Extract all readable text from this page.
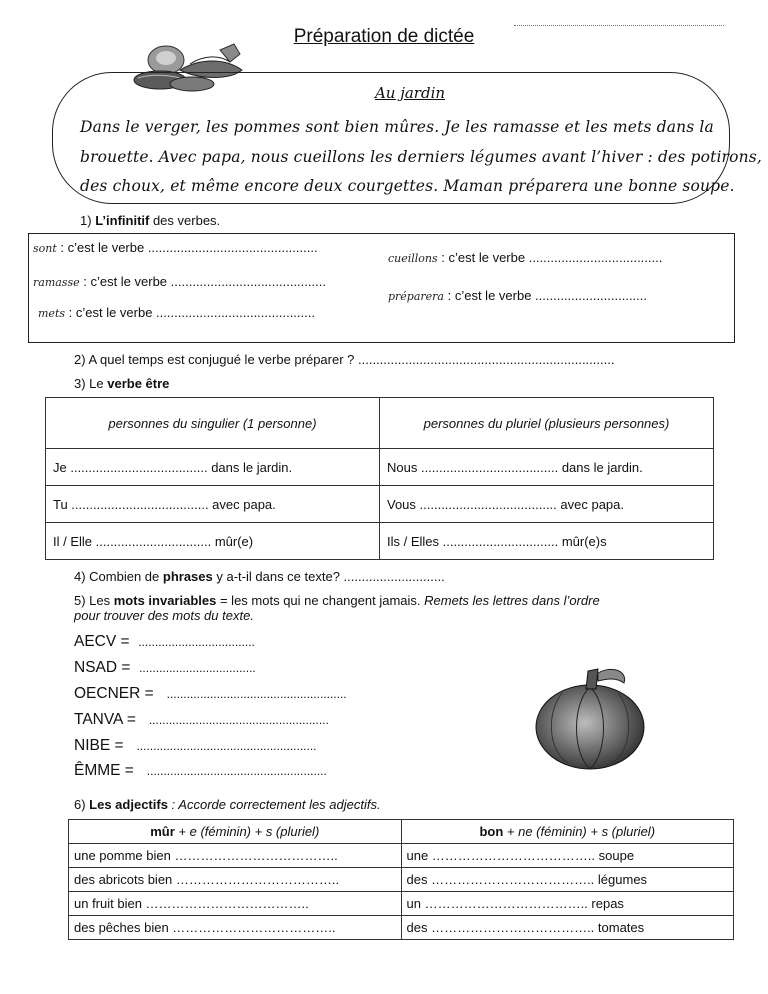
Préparation de dictée
Au jardin
Dans le verger, les pommes sont bien mûres. Je les ramasse et les mets dans la
brouette. Avec papa, nous cueillons les derniers légumes avant l’hiver : des potirons,
des choux, et même encore deux courgettes. Maman préparera une bonne soupe.
1) L’infinitif des verbes.
sont : c’est le verbe ...............................................
ramasse : c’est le verbe ...........................................
mets : c’est le verbe ............................................
cueillons : c’est le verbe .....................................
préparera : c’est le verbe ...............................
2) A quel temps est conjugué le verbe préparer ? .......................................................................
3) Le verbe être
personnes du singulier (1 personne)	personnes du pluriel (plusieurs personnes)
Je ...................................... dans le jardin.	Nous ...................................... dans le jardin.
Tu ...................................... avec papa.	Vous ...................................... avec papa.
Il / Elle ................................ mûr(e)	Ils / Elles ................................ mûr(e)s
4) Combien de phrases y a-t-il dans ce texte? ............................
5) Les mots invariables = les mots qui ne changent jamais. Remets les lettres dans l’ordre
pour trouver des mots du texte.
AECV = ...................................
NSAD = ...................................
OECNER = ......................................................
TANVA = ......................................................
NIBE = ......................................................
ÊMME = ......................................................
6) Les adjectifs : Accorde correctement les adjectifs.
mûr + e (féminin) + s (pluriel)	bon + ne (féminin) + s (pluriel)
une pomme bien ………………………………..	une ……………………………….. soupe
des abricots bien ………………………………..	des ……………………………….. légumes
un fruit bien ………………………………..	un ……………………………….. repas
des pêches bien ………………………………..	des ……………………………….. tomates
